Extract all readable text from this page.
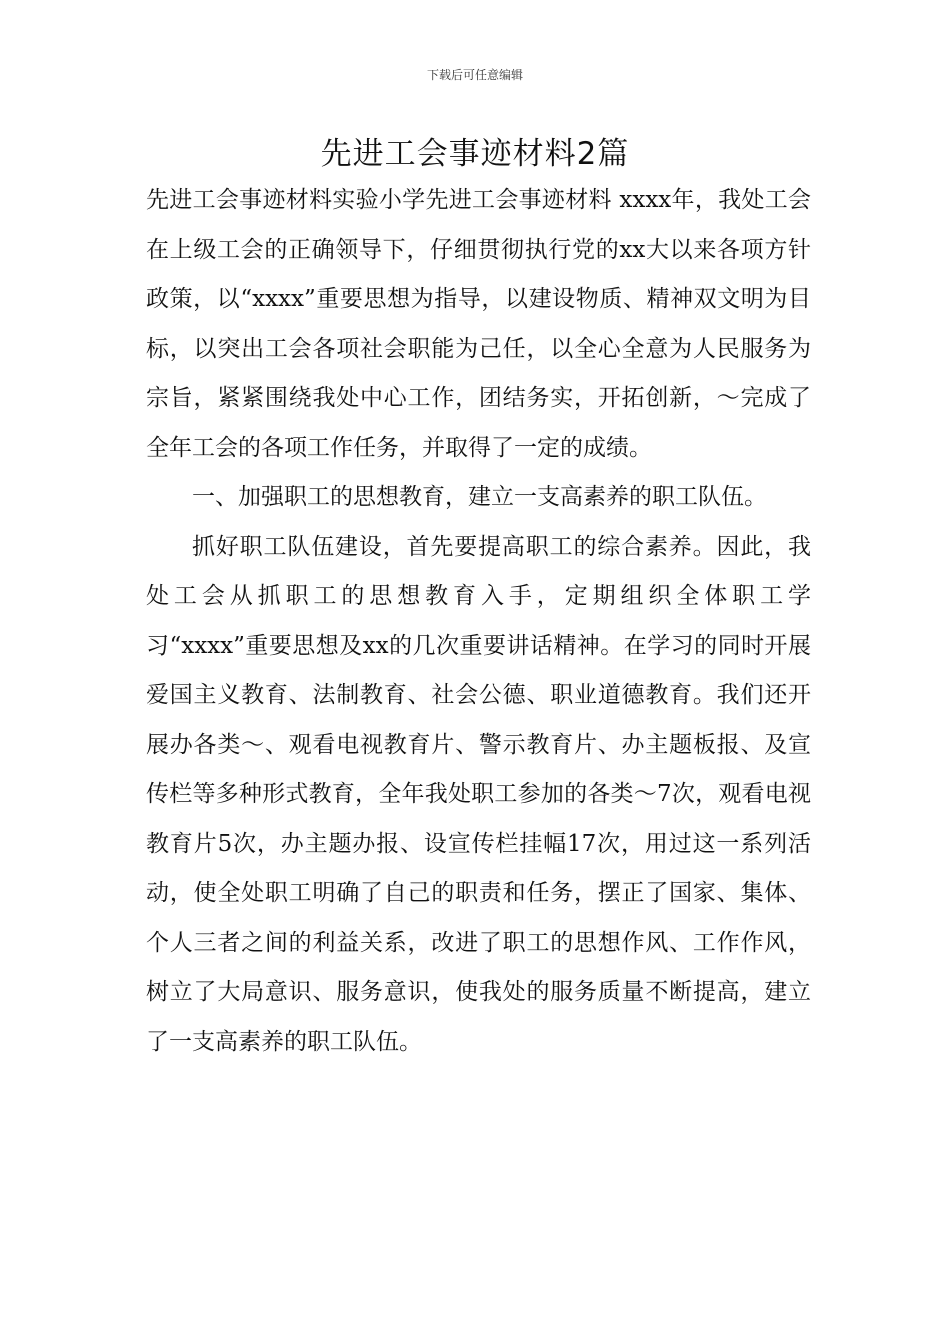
下载后可任意编辑
先进工会事迹材料2篇

先进工会事迹材料实验小学先进工会事迹材料 xxxx年，我处工会在上级工会的正确领导下，仔细贯彻执行党的xx大以来各项方针政策，以“xxxx”重要思想为指导，以建设物质、精神双文明为目标，以突出工会各项社会职能为己任，以全心全意为人民服务为宗旨，紧紧围绕我处中心工作，团结务实，开拓创新，～完成了全年工会的各项工作任务，并取得了一定的成绩。

一、加强职工的思想教育，建立一支高素养的职工队伍。

抓好职工队伍建设，首先要提高职工的综合素养。因此，我处工会从抓职工的思想教育入手，定期组织全体职工学习“xxxx”重要思想及xx的几次重要讲话精神。在学习的同时开展爱国主义教育、法制教育、社会公德、职业道德教育。我们还开展办各类～、观看电视教育片、警示教育片、办主题板报、及宣传栏等多种形式教育，全年我处职工参加的各类～7次，观看电视教育片5次，办主题办报、设宣传栏挂幅17次，用过这一系列活动，使全处职工明确了自己的职责和任务，摆正了国家、集体、个人三者之间的利益关系，改进了职工的思想作风、工作作风，树立了大局意识、服务意识，使我处的服务质量不断提高，建立了一支高素养的职工队伍。
